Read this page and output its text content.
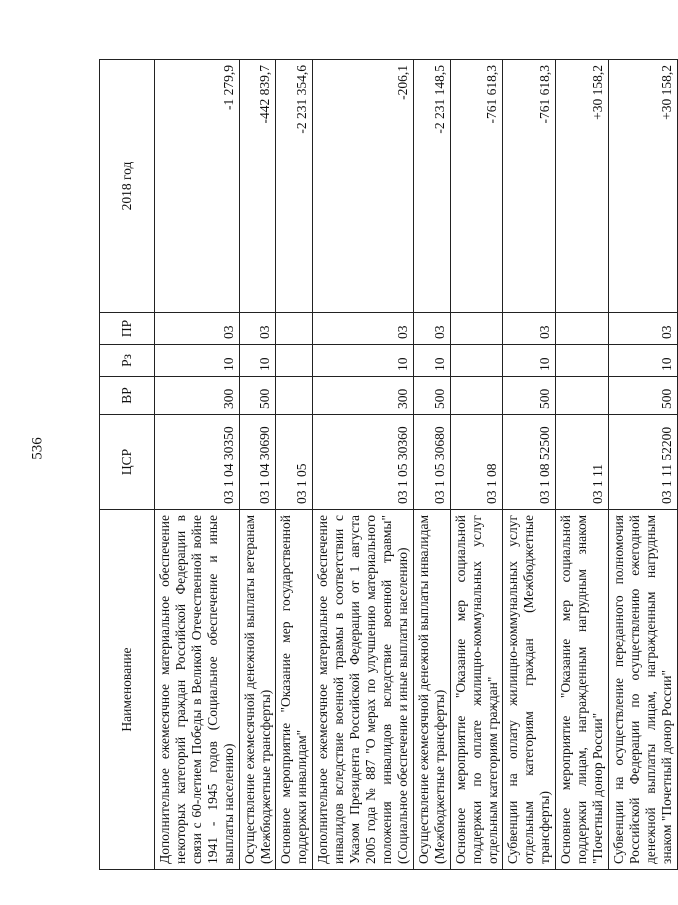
536
Наименование	ЦСР	ВР	Рз	ПР	2018 год
Дополнительное ежемесячное материальное обеспечение некоторых категорий граждан Российской Федерации в связи с 60-летием Победы в Великой Отечественной войне 1941 - 1945 годов (Социальное обеспечение и иные выплаты населению)	03 1 04 30350	300	10	03	-1 279,9
Осуществление ежемесячной денежной выплаты ветеранам (Межбюджетные трансферты)	03 1 04 30690	500	10	03	-442 839,7
Основное мероприятие "Оказание мер государственной поддержки инвалидам"	03 1 05				-2 231 354,6
Дополнительное ежемесячное материальное обеспечение инвалидов вследствие военной травмы в соответствии с Указом Президента Российской Федерации от 1 августа 2005 года № 887 "О мерах по улучшению материального положения инвалидов вследствие военной травмы" (Социальное обеспечение и иные выплаты населению)	03 1 05 30360	300	10	03	-206,1
Осуществление ежемесячной денежной выплаты инвалидам (Межбюджетные трансферты)	03 1 05 30680	500	10	03	-2 231 148,5
Основное мероприятие "Оказание мер социальной поддержки по оплате жилищно-коммунальных услуг отдельным категориям граждан"	03 1 08				-761 618,3
Субвенции на оплату жилищно-коммунальных услуг отдельным категориям граждан (Межбюджетные трансферты)	03 1 08 52500	500	10	03	-761 618,3
Основное мероприятие "Оказание мер социальной поддержки лицам, награжденным нагрудным знаком "Почетный донор России"	03 1 11				+30 158,2
Субвенции на осуществление переданного полномочия Российской Федерации по осуществлению ежегодной денежной выплаты лицам, награжденным нагрудным знаком "Почетный донор России"	03 1 11 52200	500	10	03	+30 158,2
